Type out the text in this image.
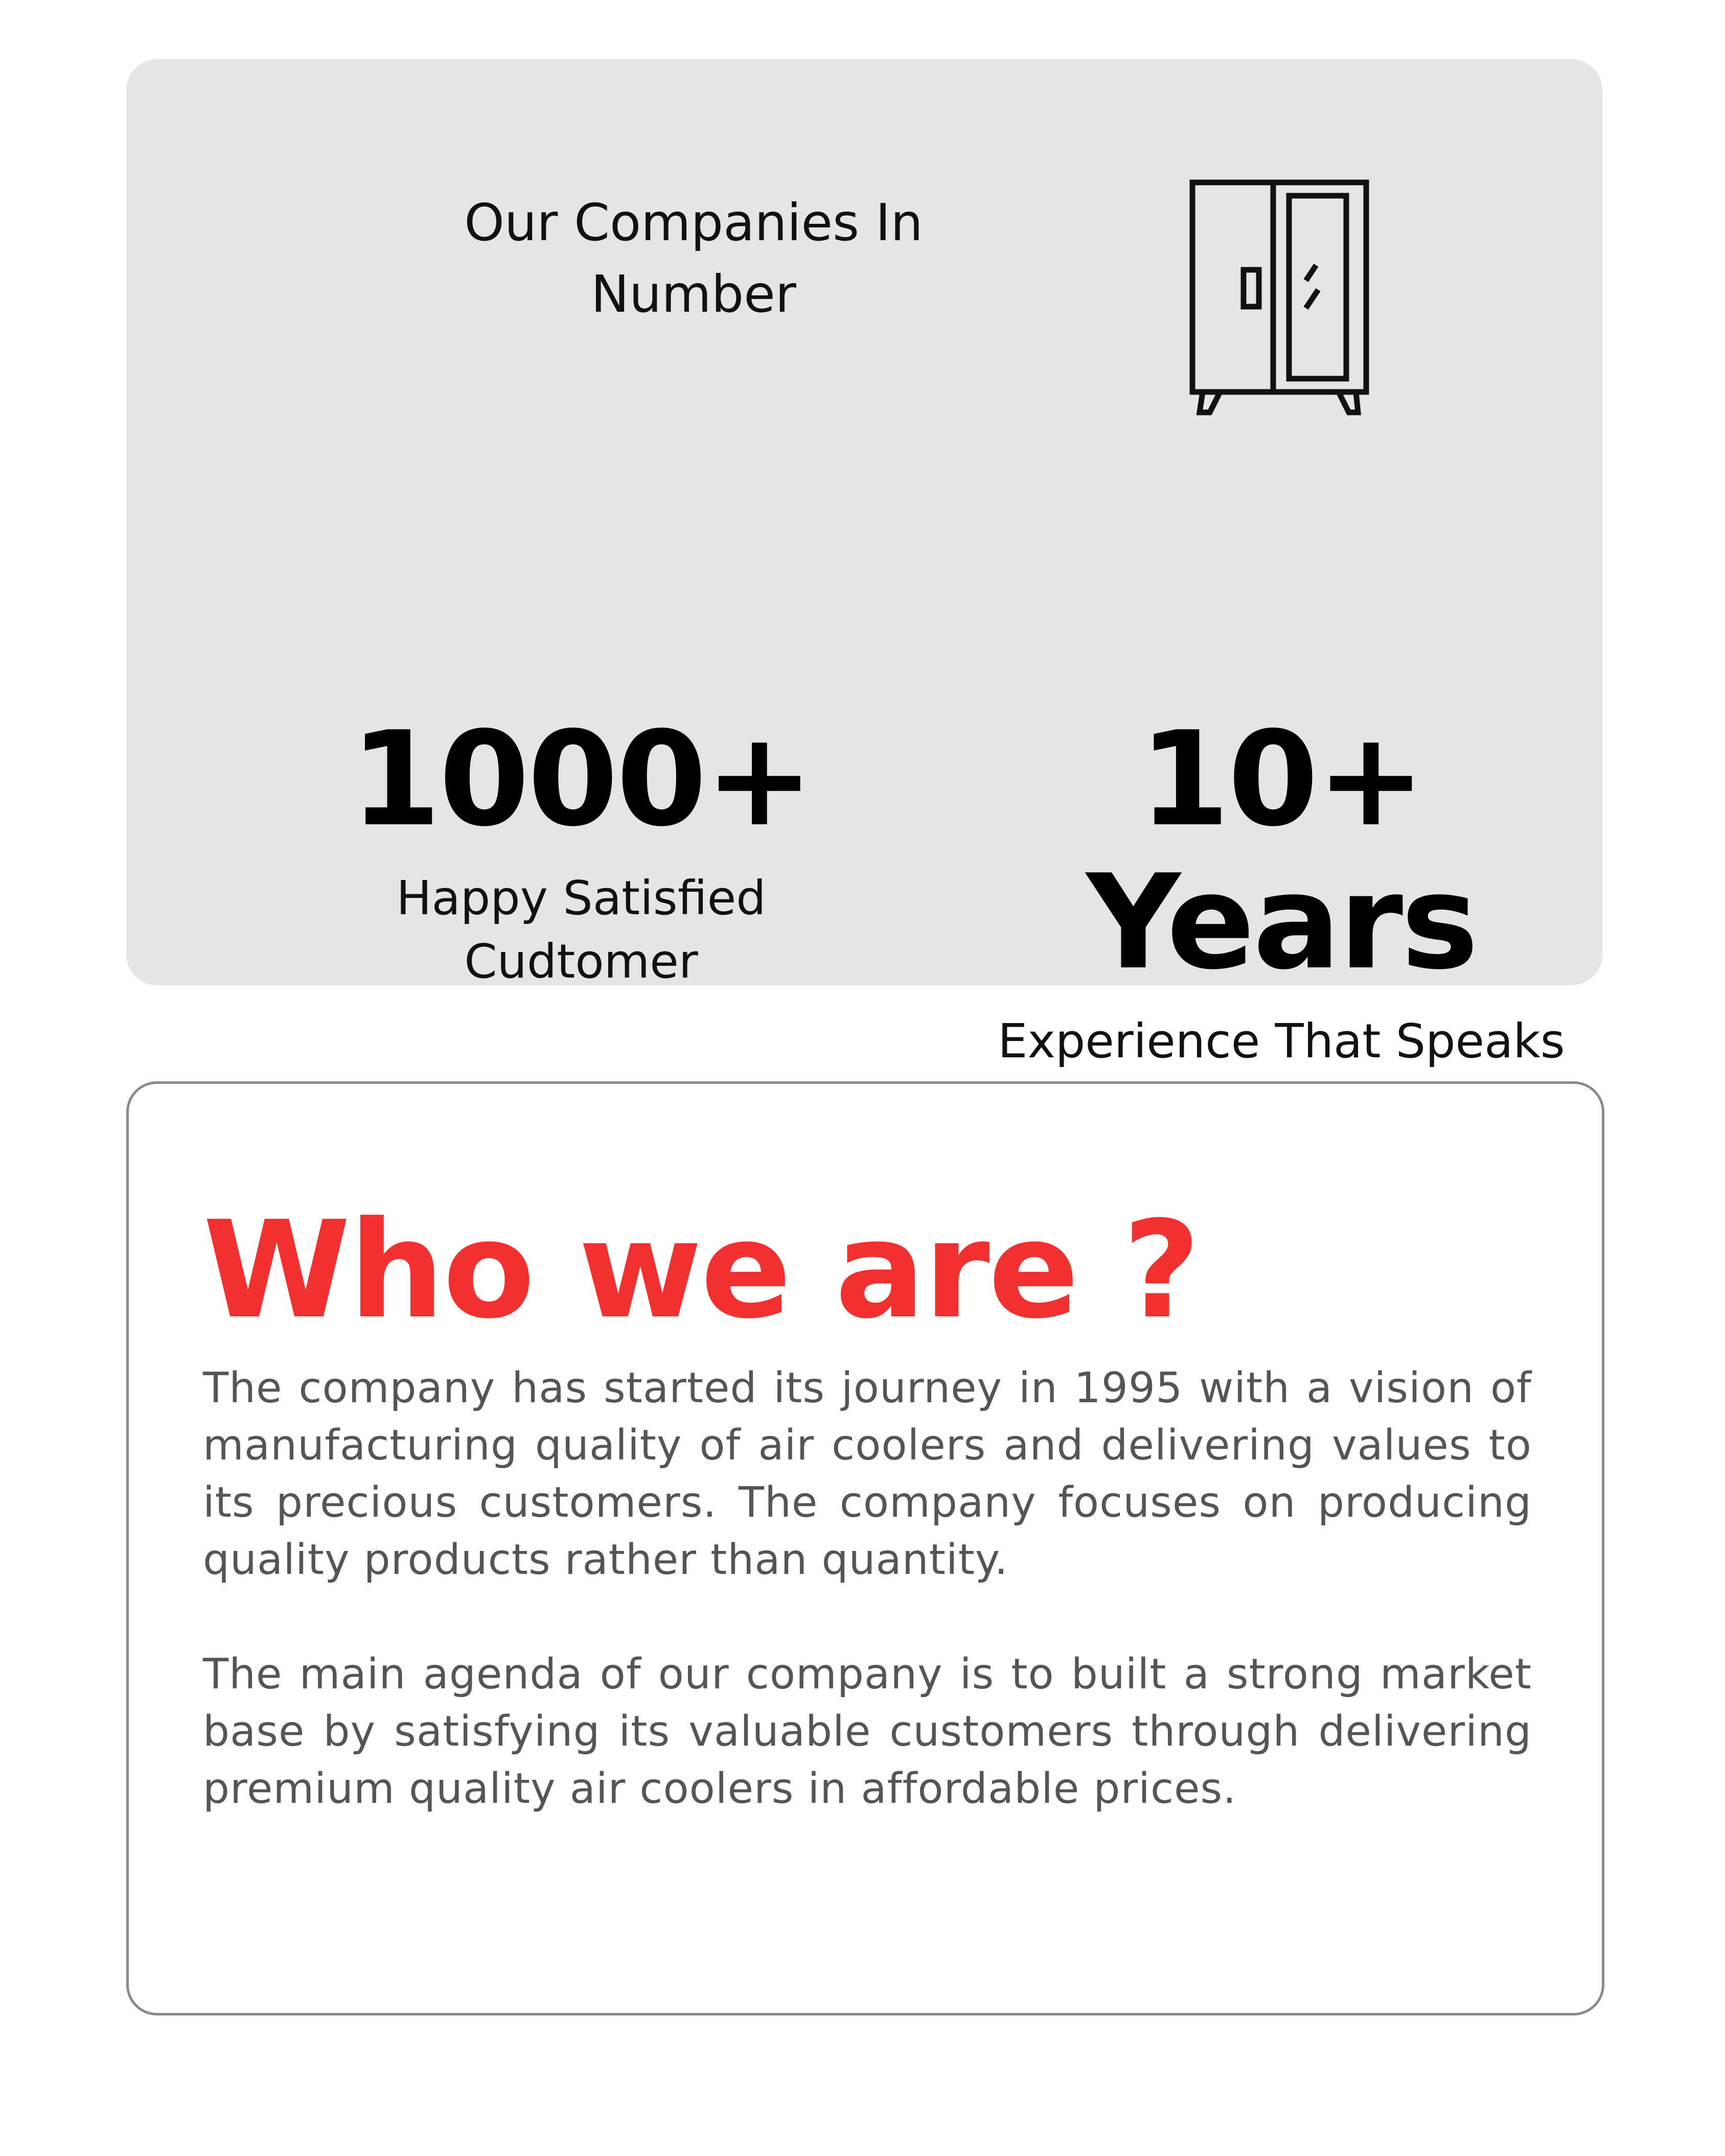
Our Companies In Number
1000+
Happy Satisfied Cudtomer
10+ Years
Experience That Speaks
Who we are ?

The company has started its journey in 1995 with a vision of manufacturing quality of air coolers and delivering values to its precious customers. The company focuses on producing quality products rather than quantity.

The main agenda of our company is to built a strong market base by satisfying its valuable customers through delivering premium quality air coolers in affordable prices.
